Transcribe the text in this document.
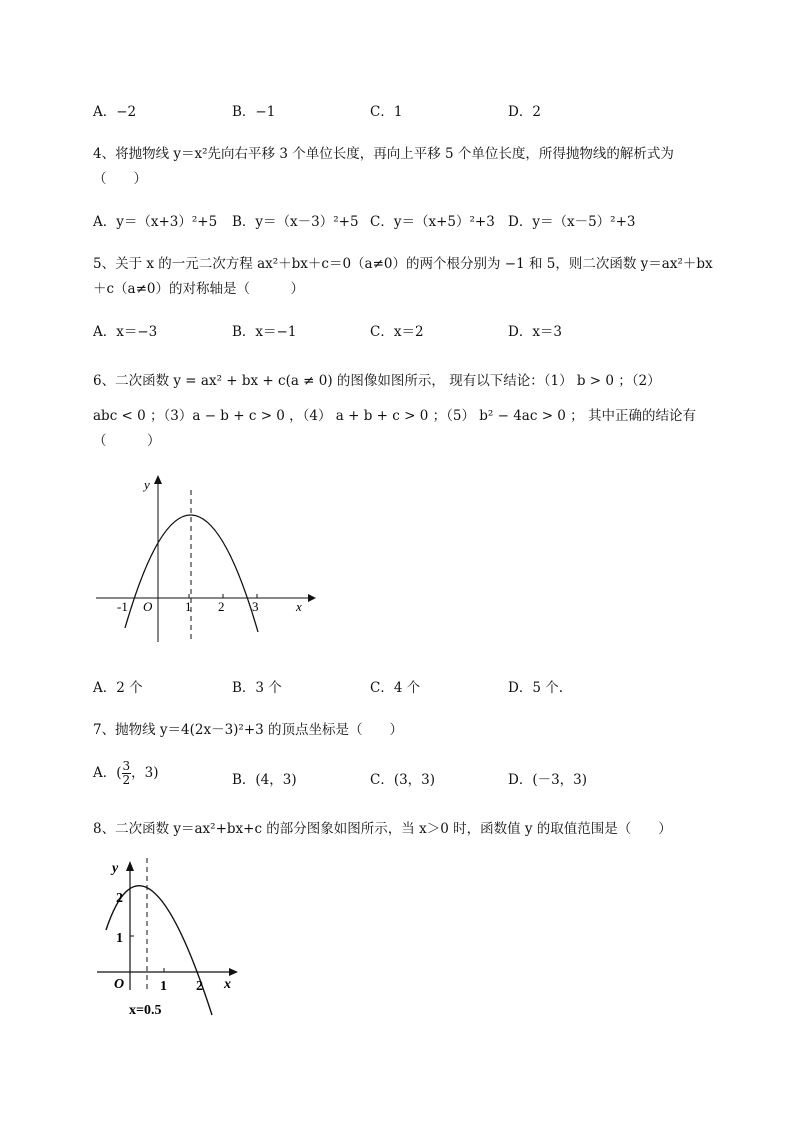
A．−2	B．−1	C．1	D．2
4、将抛物线 y＝x²先向右平移 3 个单位长度，再向上平移 5 个单位长度，所得抛物线的解析式为
（　　）
A．y＝（x+3）²+5 B．y＝（x－3）²+5 C．y＝（x+5）²+3 D．y＝（x－5）²+3
5、关于 x 的一元二次方程 ax²＋bx＋c＝0（a≠0）的两个根分别为 −1 和 5，则二次函数 y＝ax²＋bx
＋c（a≠0）的对称轴是（　　　）
A．x＝−3	B．x＝−1	C．x＝2	D．x＝3
6、二次函数 y = ax² + bx + c(a ≠ 0) 的图像如图所示， 现有以下结论：（1） b > 0 ；（2）
abc < 0 ；（3）a − b + c > 0 ，（4） a + b + c > 0 ；（5） b² − 4ac > 0 ； 其中正确的结论有
（　　　）
y
x
O
-1	1 2 3
A．2 个	B．3 个	C．4 个	D．5 个.
7、抛物线 y＝4(2x－3)²+3 的顶点坐标是（　　）
A．( $\frac{3}{2}$ ，3)	B．(4，3)	C．(3，3)	D．(－3，3)
8、二次函数 y＝ax²+bx+c 的部分图象如图所示，当 x＞0 时，函数值 y 的取值范围是（　　）
y
x
O
2
1
1 2
x=0.5
